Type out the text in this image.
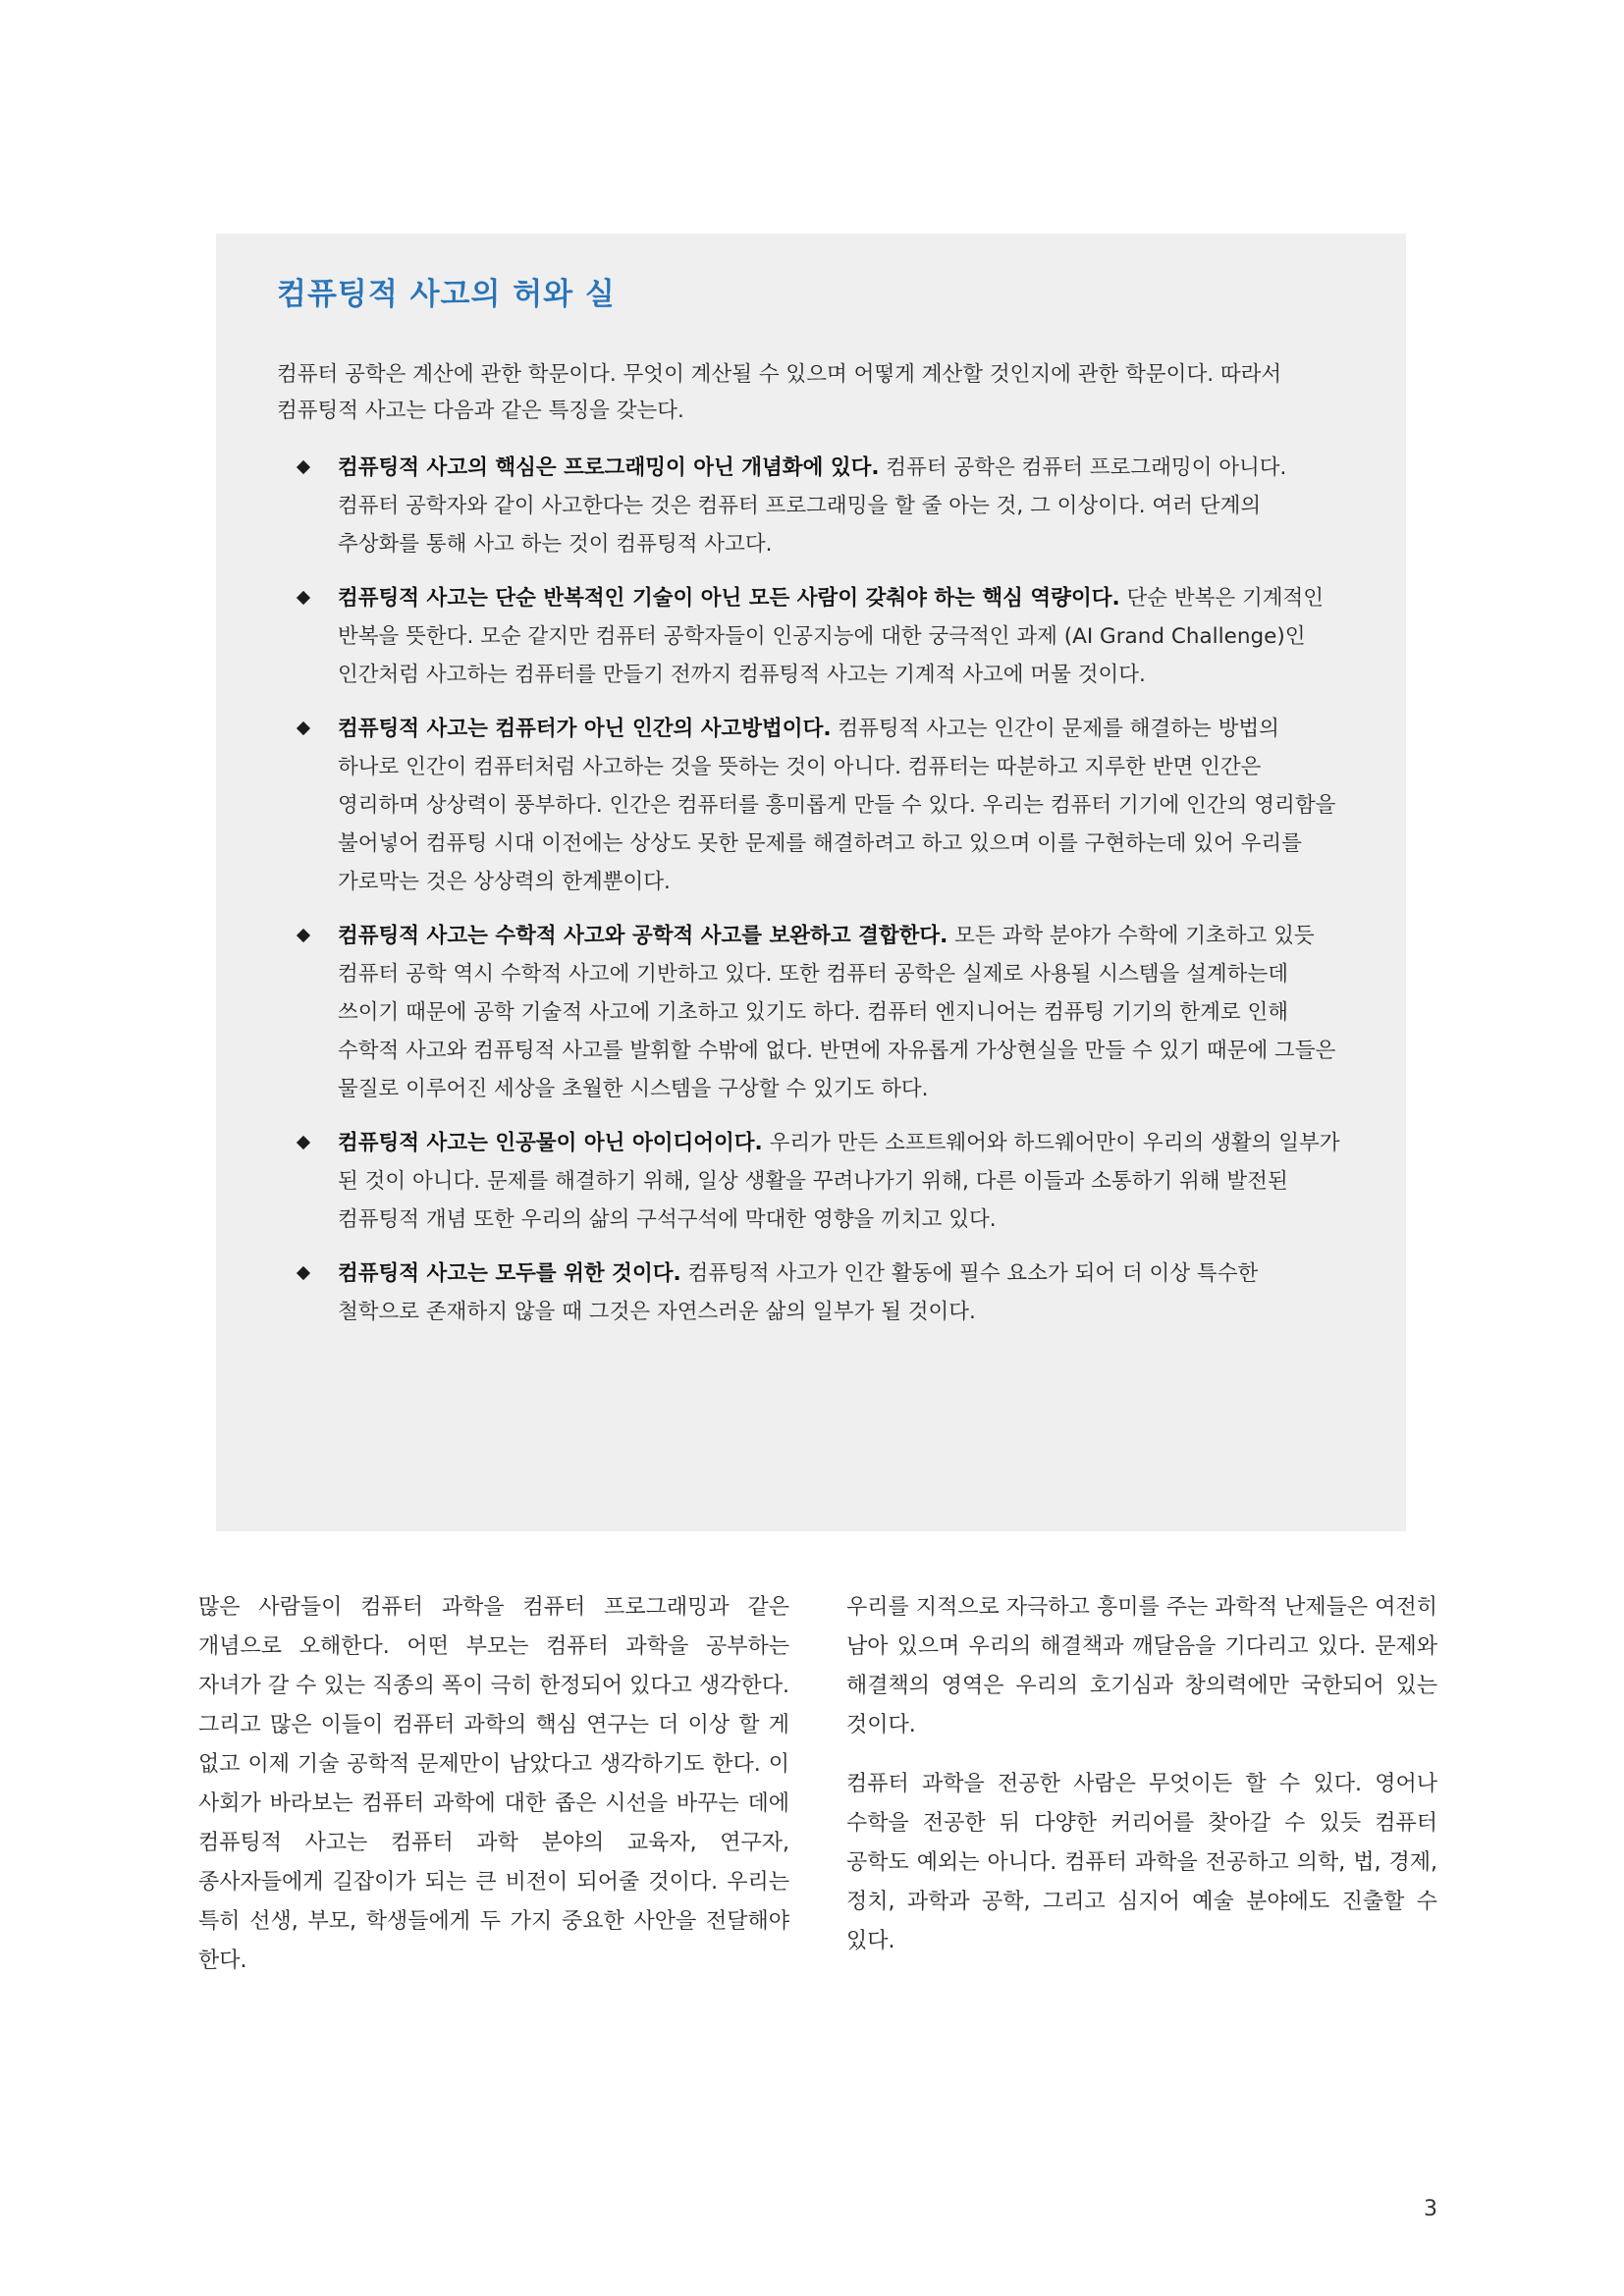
컴퓨팅적 사고의 허와 실

컴퓨터 공학은 계산에 관한 학문이다. 무엇이 계산될 수 있으며 어떻게 계산할 것인지에 관한 학문이다. 따라서 컴퓨팅적 사고는 다음과 같은 특징을 갖는다.

컴퓨팅적 사고의 핵심은 프로그래밍이 아닌 개념화에 있다. 컴퓨터 공학은 컴퓨터 프로그래밍이 아니다. 컴퓨터 공학자와 같이 사고한다는 것은 컴퓨터 프로그래밍을 할 줄 아는 것, 그 이상이다. 여러 단계의 추상화를 통해 사고 하는 것이 컴퓨팅적 사고다.
컴퓨팅적 사고는 단순 반복적인 기술이 아닌 모든 사람이 갖춰야 하는 핵심 역량이다. 단순 반복은 기계적인 반복을 뜻한다. 모순 같지만 컴퓨터 공학자들이 인공지능에 대한 궁극적인 과제 (AI Grand Challenge)인 인간처럼 사고하는 컴퓨터를 만들기 전까지 컴퓨팅적 사고는 기계적 사고에 머물 것이다.
컴퓨팅적 사고는 컴퓨터가 아닌 인간의 사고방법이다. 컴퓨팅적 사고는 인간이 문제를 해결하는 방법의 하나로 인간이 컴퓨터처럼 사고하는 것을 뜻하는 것이 아니다. 컴퓨터는 따분하고 지루한 반면 인간은 영리하며 상상력이 풍부하다. 인간은 컴퓨터를 흥미롭게 만들 수 있다. 우리는 컴퓨터 기기에 인간의 영리함을 불어넣어 컴퓨팅 시대 이전에는 상상도 못한 문제를 해결하려고 하고 있으며 이를 구현하는데 있어 우리를 가로막는 것은 상상력의 한계뿐이다.
컴퓨팅적 사고는 수학적 사고와 공학적 사고를 보완하고 결합한다. 모든 과학 분야가 수학에 기초하고 있듯 컴퓨터 공학 역시 수학적 사고에 기반하고 있다. 또한 컴퓨터 공학은 실제로 사용될 시스템을 설계하는데 쓰이기 때문에 공학 기술적 사고에 기초하고 있기도 하다. 컴퓨터 엔지니어는 컴퓨팅 기기의 한계로 인해 수학적 사고와 컴퓨팅적 사고를 발휘할 수밖에 없다. 반면에 자유롭게 가상현실을 만들 수 있기 때문에 그들은 물질로 이루어진 세상을 초월한 시스템을 구상할 수 있기도 하다.
컴퓨팅적 사고는 인공물이 아닌 아이디어이다. 우리가 만든 소프트웨어와 하드웨어만이 우리의 생활의 일부가 된 것이 아니다. 문제를 해결하기 위해, 일상 생활을 꾸려나가기 위해, 다른 이들과 소통하기 위해 발전된 컴퓨팅적 개념 또한 우리의 삶의 구석구석에 막대한 영향을 끼치고 있다.
컴퓨팅적 사고는 모두를 위한 것이다. 컴퓨팅적 사고가 인간 활동에 필수 요소가 되어 더 이상 특수한 철학으로 존재하지 않을 때 그것은 자연스러운 삶의 일부가 될 것이다.

많은 사람들이 컴퓨터 과학을 컴퓨터 프로그래밍과 같은 개념으로 오해한다. 어떤 부모는 컴퓨터 과학을 공부하는 자녀가 갈 수 있는 직종의 폭이 극히 한정되어 있다고 생각한다. 그리고 많은 이들이 컴퓨터 과학의 핵심 연구는 더 이상 할 게 없고 이제 기술 공학적 문제만이 남았다고 생각하기도 한다. 이 사회가 바라보는 컴퓨터 과학에 대한 좁은 시선을 바꾸는 데에 컴퓨팅적 사고는 컴퓨터 과학 분야의 교육자, 연구자, 종사자들에게 길잡이가 되는 큰 비전이 되어줄 것이다. 우리는 특히 선생, 부모, 학생들에게 두 가지 중요한 사안을 전달해야 한다.

우리를 지적으로 자극하고 흥미를 주는 과학적 난제들은 여전히 남아 있으며 우리의 해결책과 깨달음을 기다리고 있다. 문제와 해결책의 영역은 우리의 호기심과 창의력에만 국한되어 있는 것이다.

컴퓨터 과학을 전공한 사람은 무엇이든 할 수 있다. 영어나 수학을 전공한 뒤 다양한 커리어를 찾아갈 수 있듯 컴퓨터 공학도 예외는 아니다. 컴퓨터 과학을 전공하고 의학, 법, 경제, 정치, 과학과 공학, 그리고 심지어 예술 분야에도 진출할 수 있다.

3
